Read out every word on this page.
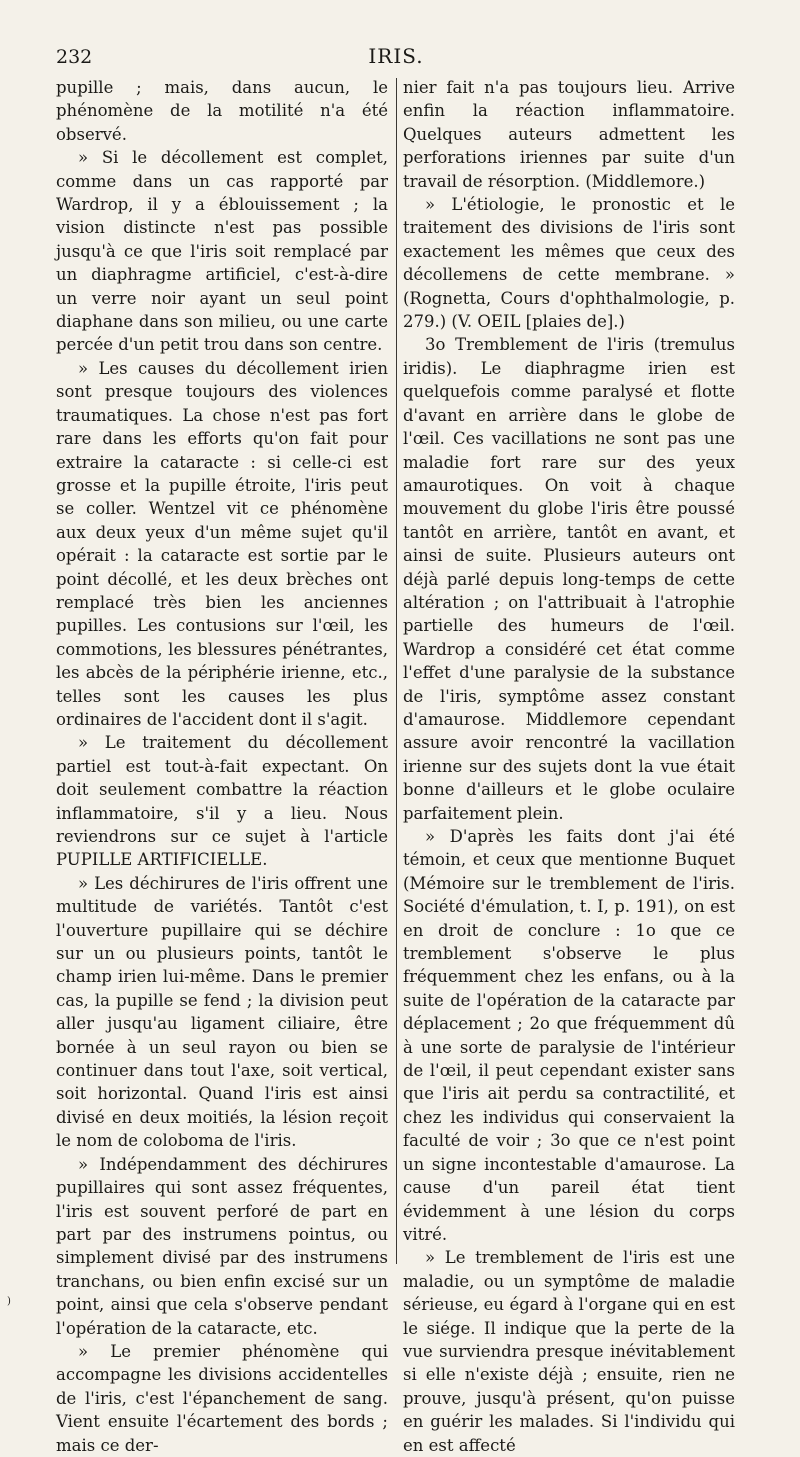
232	IRIS.

pupille ; mais, dans aucun, le phénomène de la motilité n'a été observé.

» Si le décollement est complet, comme dans un cas rapporté par Wardrop, il y a éblouissement ; la vision distincte n'est pas possible jusqu'à ce que l'iris soit remplacé par un diaphragme artificiel, c'est-à-dire un verre noir ayant un seul point diaphane dans son milieu, ou une carte percée d'un petit trou dans son centre.

» Les causes du décollement irien sont presque toujours des violences traumatiques. La chose n'est pas fort rare dans les efforts qu'on fait pour extraire la cataracte : si celle-ci est grosse et la pupille étroite, l'iris peut se coller. Wentzel vit ce phénomène aux deux yeux d'un même sujet qu'il opérait : la cataracte est sortie par le point décollé, et les deux brèches ont remplacé très bien les anciennes pupilles. Les contusions sur l'œil, les commotions, les blessures pénétrantes, les abcès de la périphérie irienne, etc., telles sont les causes les plus ordinaires de l'accident dont il s'agit.

» Le traitement du décollement partiel est tout-à-fait expectant. On doit seulement combattre la réaction inflammatoire, s'il y a lieu. Nous reviendrons sur ce sujet à l'article PUPILLE ARTIFICIELLE.

» Les déchirures de l'iris offrent une multitude de variétés. Tantôt c'est l'ouverture pupillaire qui se déchire sur un ou plusieurs points, tantôt le champ irien lui-même. Dans le premier cas, la pupille se fend ; la division peut aller jusqu'au ligament ciliaire, être bornée à un seul rayon ou bien se continuer dans tout l'axe, soit vertical, soit horizontal. Quand l'iris est ainsi divisé en deux moitiés, la lésion reçoit le nom de coloboma de l'iris.

» Indépendamment des déchirures pupillaires qui sont assez fréquentes, l'iris est souvent perforé de part en part par des instrumens pointus, ou simplement divisé par des instrumens tranchans, ou bien enfin excisé sur un point, ainsi que cela s'observe pendant l'opération de la cataracte, etc.

» Le premier phénomène qui accompagne les divisions accidentelles de l'iris, c'est l'épanchement de sang. Vient ensuite l'écartement des bords ; mais ce der-

nier fait n'a pas toujours lieu. Arrive enfin la réaction inflammatoire. Quelques auteurs admettent les perforations iriennes par suite d'un travail de résorption. (Middlemore.)

» L'étiologie, le pronostic et le traitement des divisions de l'iris sont exactement les mêmes que ceux des décollemens de cette membrane. » (Rognetta, Cours d'ophthalmologie, p. 279.) (V. OEIL [plaies de].)

3o Tremblement de l'iris (tremulus iridis). Le diaphragme irien est quelquefois comme paralysé et flotte d'avant en arrière dans le globe de l'œil. Ces vacillations ne sont pas une maladie fort rare sur des yeux amaurotiques. On voit à chaque mouvement du globe l'iris être poussé tantôt en arrière, tantôt en avant, et ainsi de suite. Plusieurs auteurs ont déjà parlé depuis long-temps de cette altération ; on l'attribuait à l'atrophie partielle des humeurs de l'œil. Wardrop a considéré cet état comme l'effet d'une paralysie de la substance de l'iris, symptôme assez constant d'amaurose. Middlemore cependant assure avoir rencontré la vacillation irienne sur des sujets dont la vue était bonne d'ailleurs et le globe oculaire parfaitement plein.

» D'après les faits dont j'ai été témoin, et ceux que mentionne Buquet (Mémoire sur le tremblement de l'iris. Société d'émulation, t. I, p. 191), on est en droit de conclure : 1o que ce tremblement s'observe le plus fréquemment chez les enfans, ou à la suite de l'opération de la cataracte par déplacement ; 2o que fréquemment dû à une sorte de paralysie de l'intérieur de l'œil, il peut cependant exister sans que l'iris ait perdu sa contractilité, et chez les individus qui conservaient la faculté de voir ; 3o que ce n'est point un signe incontestable d'amaurose. La cause d'un pareil état tient évidemment à une lésion du corps vitré.

» Le tremblement de l'iris est une maladie, ou un symptôme de maladie sérieuse, eu égard à l'organe qui en est le siége. Il indique que la perte de la vue surviendra presque inévitablement si elle n'existe déjà ; ensuite, rien ne prouve, jusqu'à présent, qu'on puisse en guérir les malades. Si l'individu qui en est affecté

)
